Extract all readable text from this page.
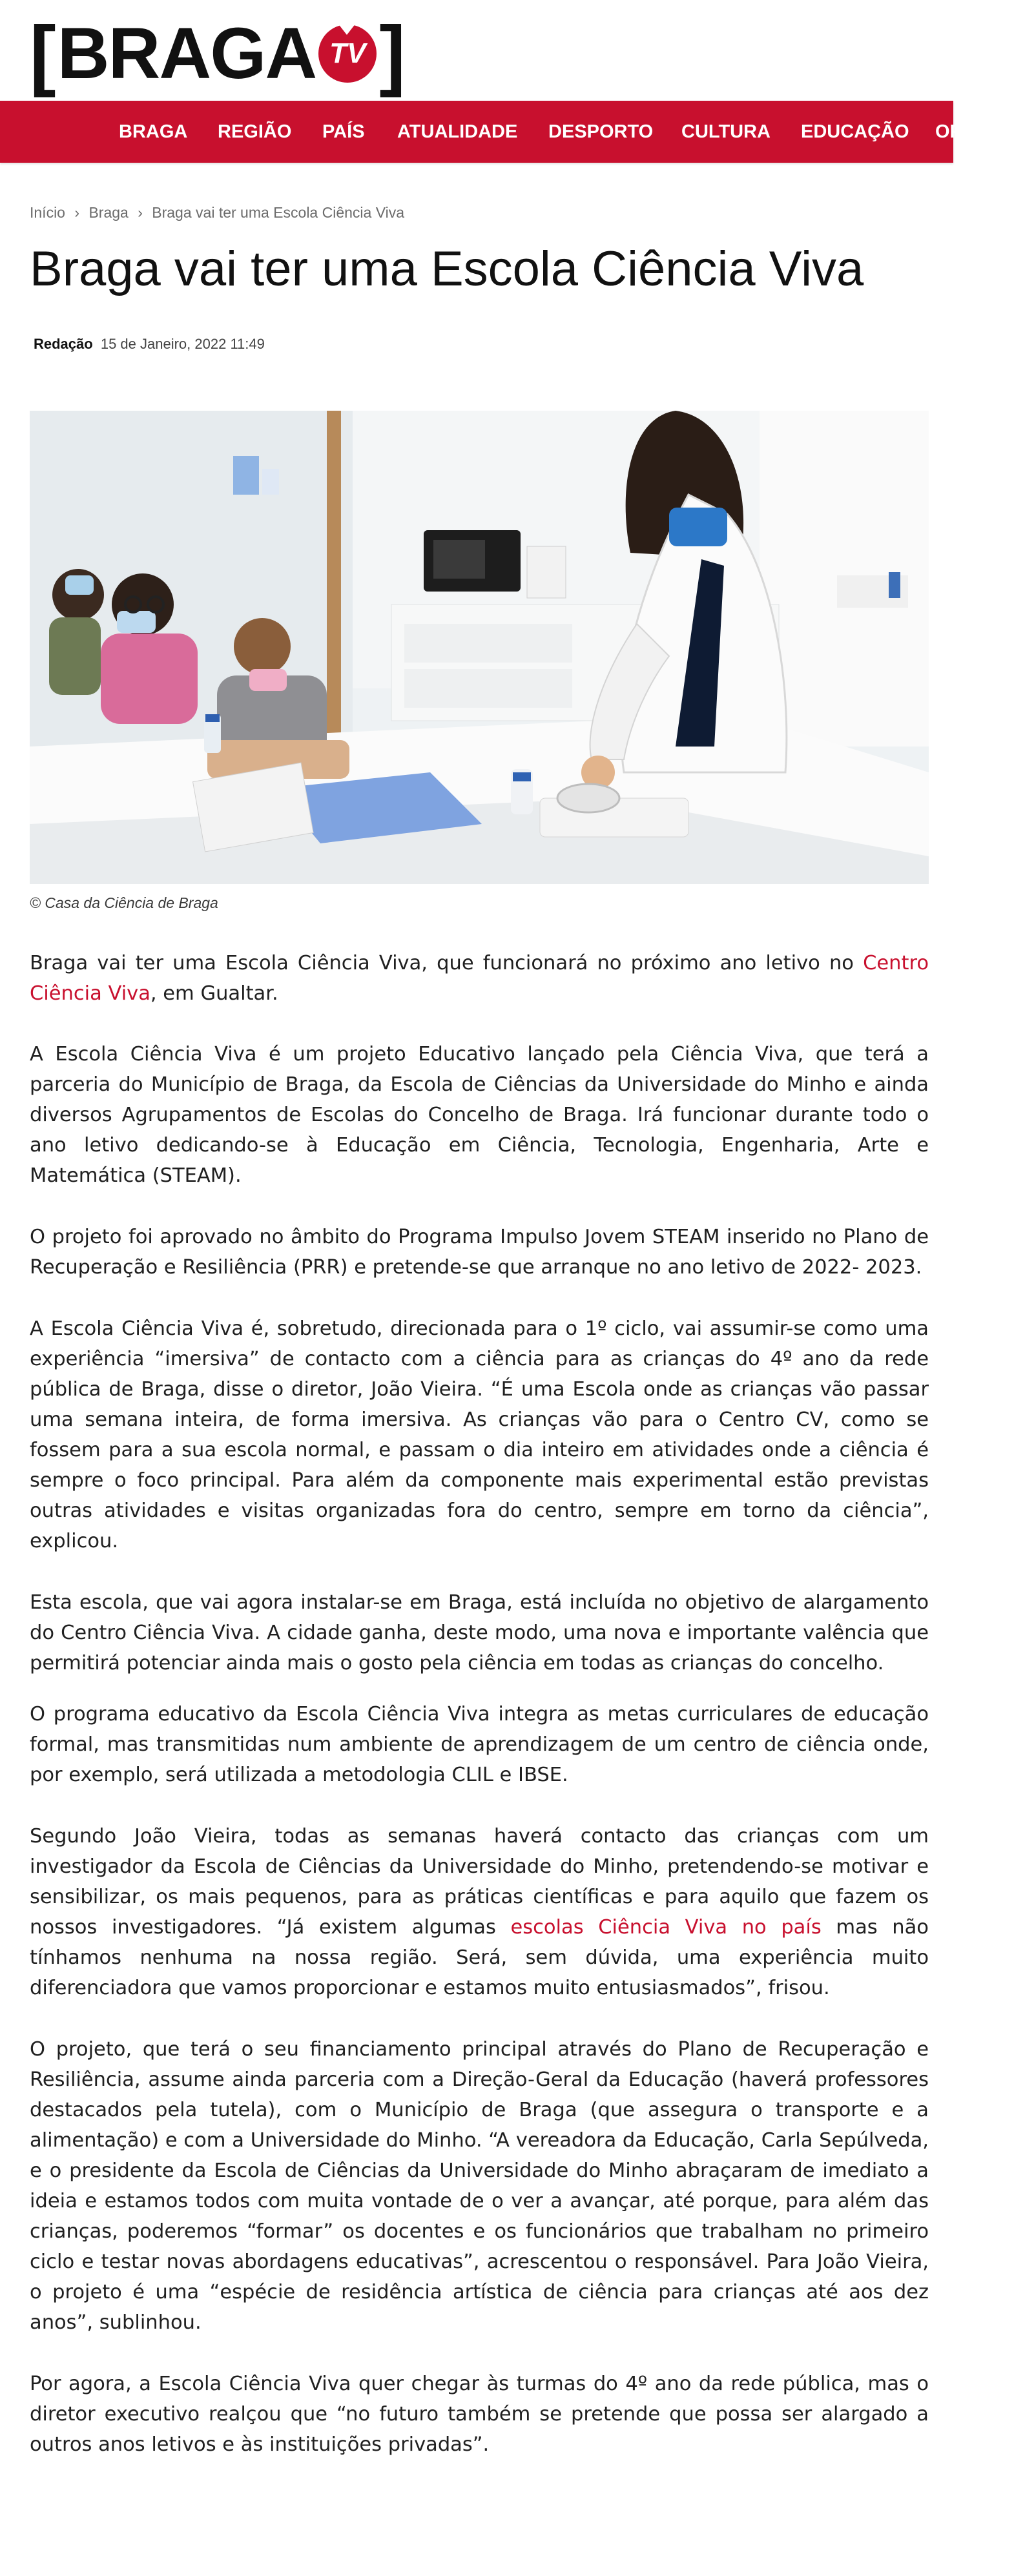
[ BRAGA TV ]
BRAGA REGIÃO PAÍS ATUALIDADE DESPORTO CULTURA EDUCAÇÃO OPINIÃO
Início › Braga › Braga vai ter uma Escola Ciência Viva
Braga vai ter uma Escola Ciência Viva
Redação 15 de Janeiro, 2022 11:49
© Casa da Ciência de Braga

Braga vai ter uma Escola Ciência Viva, que funcionará no próximo ano letivo no Centro Ciência Viva, em Gualtar.

A Escola Ciência Viva é um projeto Educativo lançado pela Ciência Viva, que terá a parceria do Município de Braga, da Escola de Ciências da Universidade do Minho e ainda diversos Agrupamentos de Escolas do Concelho de Braga. Irá funcionar durante todo o ano letivo dedicando-se à Educação em Ciência, Tecnologia, Engenharia, Arte e Matemática (STEAM).

O projeto foi aprovado no âmbito do Programa Impulso Jovem STEAM inserido no Plano de Recuperação e Resiliência (PRR) e pretende-se que arranque no ano letivo de 2022- 2023.

A Escola Ciência Viva é, sobretudo, direcionada para o 1º ciclo, vai assumir-se como uma experiência “imersiva” de contacto com a ciência para as crianças do 4º ano da rede pública de Braga, disse o diretor, João Vieira. “É uma Escola onde as crianças vão passar uma semana inteira, de forma imersiva. As crianças vão para o Centro CV, como se fossem para a sua escola normal, e passam o dia inteiro em atividades onde a ciência é sempre o foco principal. Para além da componente mais experimental estão previstas outras atividades e visitas organizadas fora do centro, sempre em torno da ciência”, explicou.

Esta escola, que vai agora instalar-se em Braga, está incluída no objetivo de alargamento do Centro Ciência Viva. A cidade ganha, deste modo, uma nova e importante valência que permitirá potenciar ainda mais o gosto pela ciência em todas as crianças do concelho.

O programa educativo da Escola Ciência Viva integra as metas curriculares de educação formal, mas transmitidas num ambiente de aprendizagem de um centro de ciência onde, por exemplo, será utilizada a metodologia CLIL e IBSE.

Segundo João Vieira, todas as semanas haverá contacto das crianças com um investigador da Escola de Ciências da Universidade do Minho, pretendendo-se motivar e sensibilizar, os mais pequenos, para as práticas científicas e para aquilo que fazem os nossos investigadores. “Já existem algumas escolas Ciência Viva no país mas não tínhamos nenhuma na nossa região. Será, sem dúvida, uma experiência muito diferenciadora que vamos proporcionar e estamos muito entusiasmados”, frisou.

O projeto, que terá o seu financiamento principal através do Plano de Recuperação e Resiliência, assume ainda parceria com a Direção-Geral da Educação (haverá professores destacados pela tutela), com o Município de Braga (que assegura o transporte e a alimentação) e com a Universidade do Minho. “A vereadora da Educação, Carla Sepúlveda, e o presidente da Escola de Ciências da Universidade do Minho abraçaram de imediato a ideia e estamos todos com muita vontade de o ver a avançar, até porque, para além das crianças, poderemos “formar” os docentes e os funcionários que trabalham no primeiro ciclo e testar novas abordagens educativas”, acrescentou o responsável. Para João Vieira, o projeto é uma “espécie de residência artística de ciência para crianças até aos dez anos”, sublinhou.

Por agora, a Escola Ciência Viva quer chegar às turmas do 4º ano da rede pública, mas o diretor executivo realçou que “no futuro também se pretende que possa ser alargado a outros anos letivos e às instituições privadas”.
